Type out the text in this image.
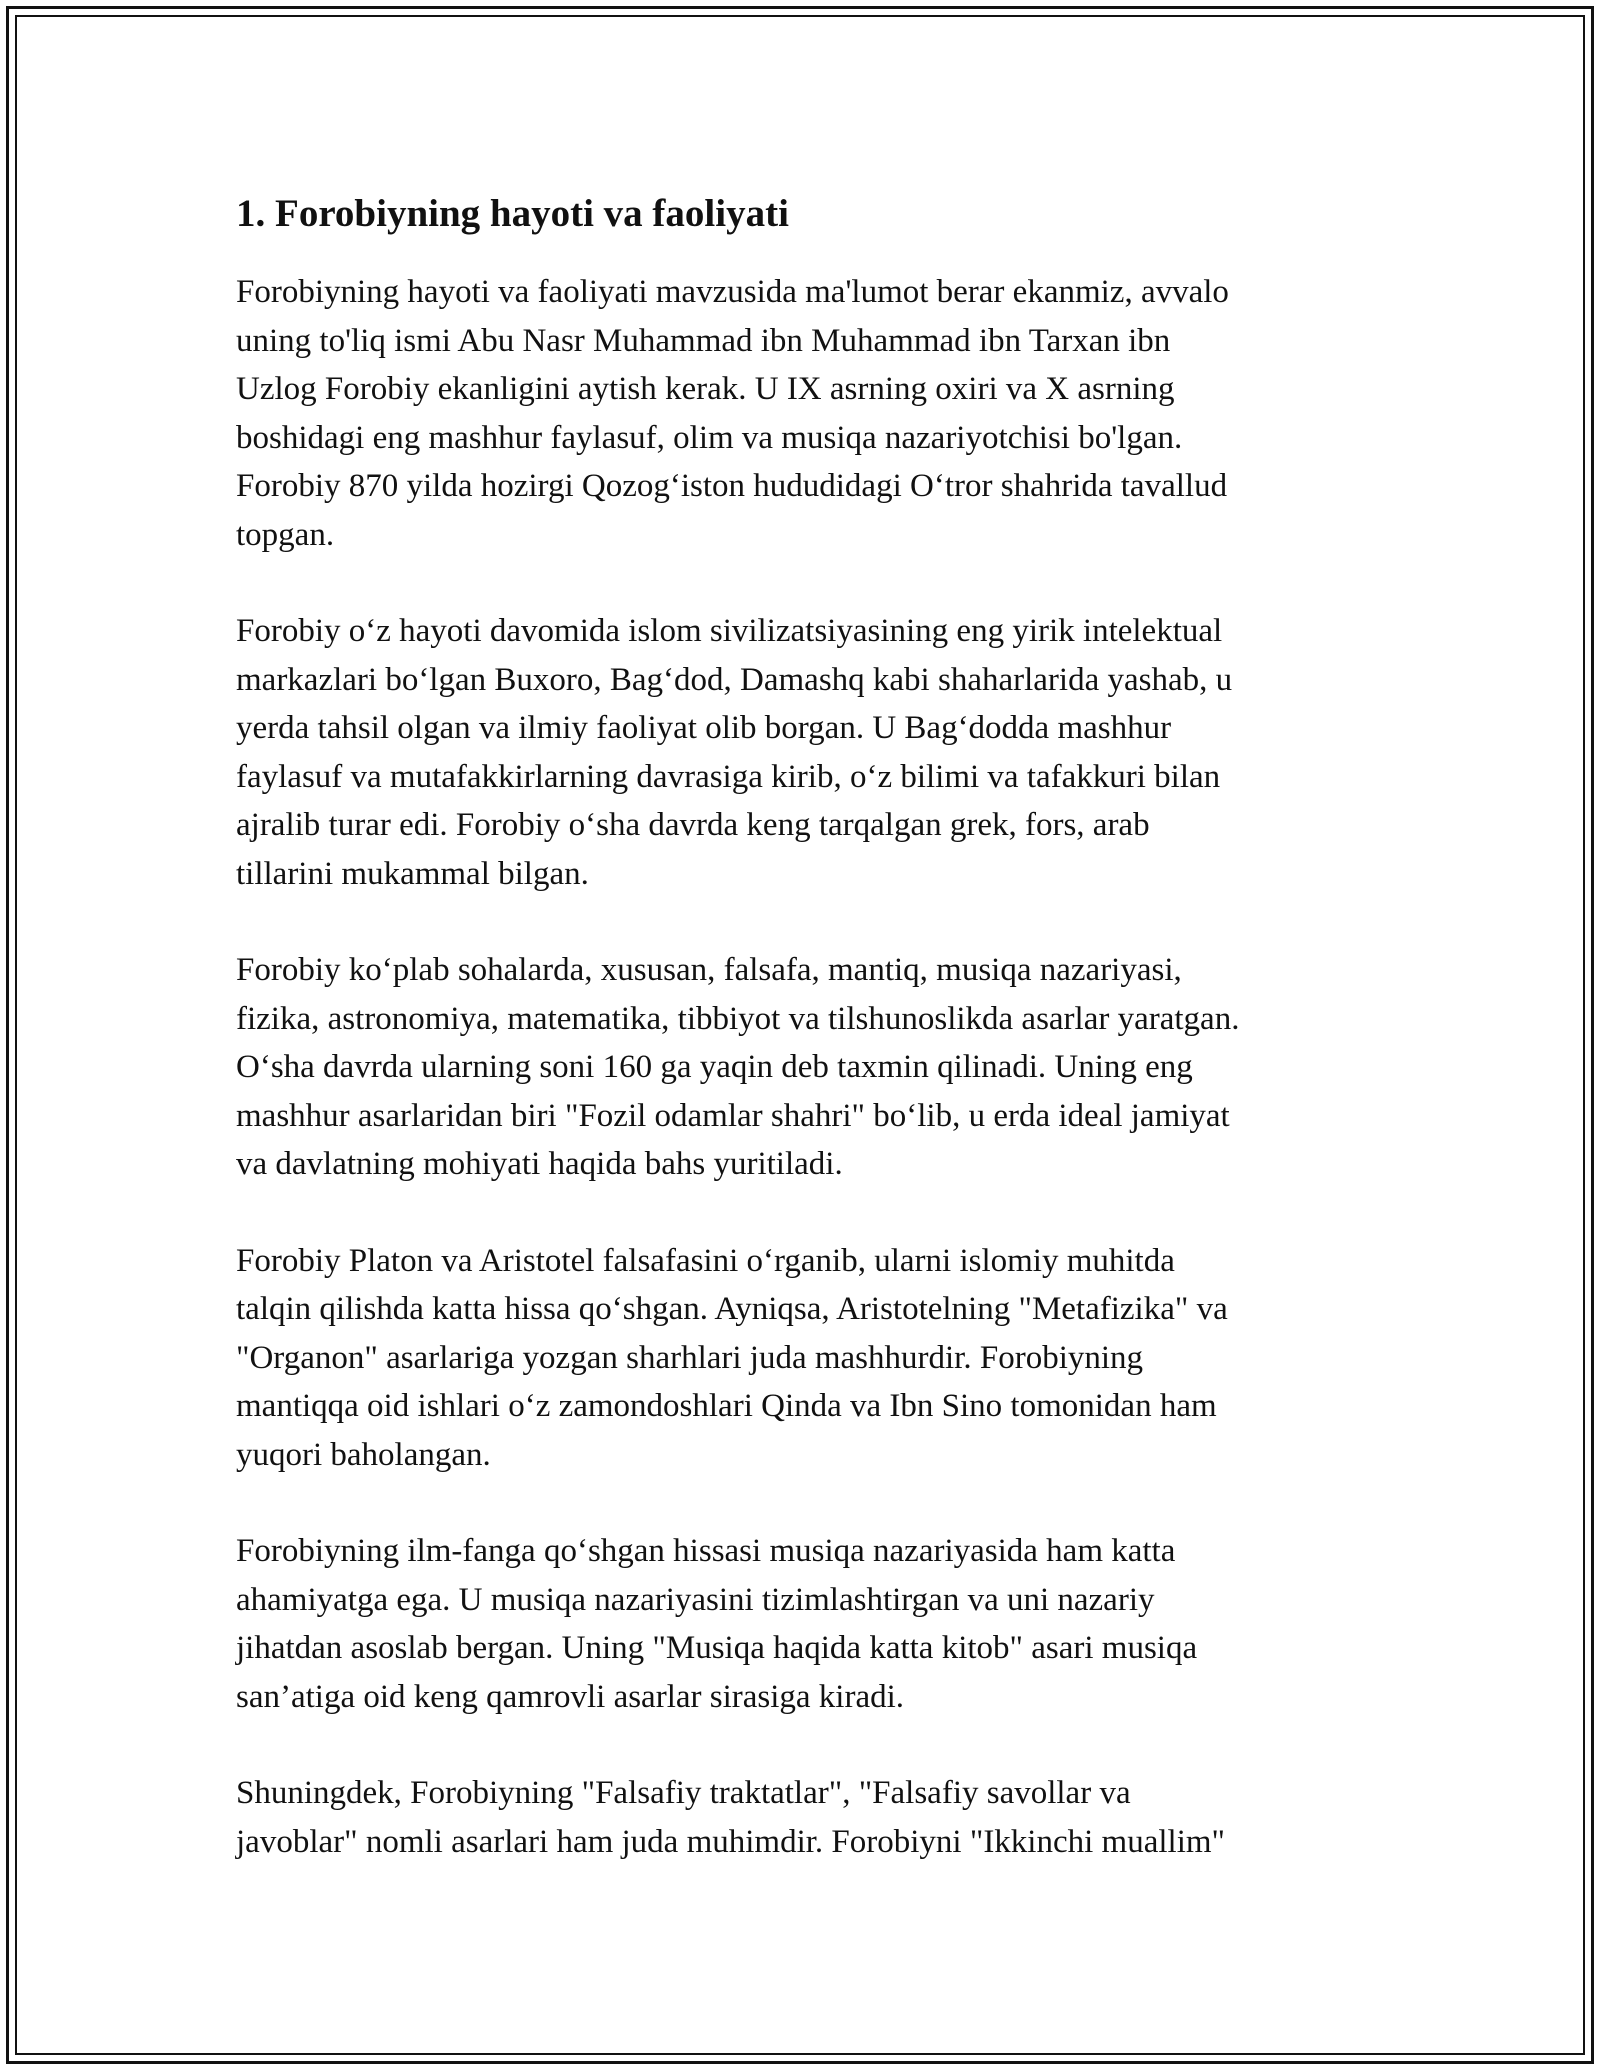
1. Forobiyning hayoti va faoliyati

Forobiyning hayoti va faoliyati mavzusida ma'lumot berar ekanmiz, avvalo
uning to'liq ismi Abu Nasr Muhammad ibn Muhammad ibn Tarxan ibn
Uzlog Forobiy ekanligini aytish kerak. U IX asrning oxiri va X asrning
boshidagi eng mashhur faylasuf, olim va musiqa nazariyotchisi bo'lgan.
Forobiy 870 yilda hozirgi Qozog‘iston hududidagi O‘tror shahrida tavallud
topgan.

Forobiy o‘z hayoti davomida islom sivilizatsiyasining eng yirik intelektual
markazlari bo‘lgan Buxoro, Bag‘dod, Damashq kabi shaharlarida yashab, u
yerda tahsil olgan va ilmiy faoliyat olib borgan. U Bag‘dodda mashhur
faylasuf va mutafakkirlarning davrasiga kirib, o‘z bilimi va tafakkuri bilan
ajralib turar edi. Forobiy o‘sha davrda keng tarqalgan grek, fors, arab
tillarini mukammal bilgan.

Forobiy ko‘plab sohalarda, xususan, falsafa, mantiq, musiqa nazariyasi,
fizika, astronomiya, matematika, tibbiyot va tilshunoslikda asarlar yaratgan.
O‘sha davrda ularning soni 160 ga yaqin deb taxmin qilinadi. Uning eng
mashhur asarlaridan biri "Fozil odamlar shahri" bo‘lib, u erda ideal jamiyat
va davlatning mohiyati haqida bahs yuritiladi.

Forobiy Platon va Aristotel falsafasini o‘rganib, ularni islomiy muhitda
talqin qilishda katta hissa qo‘shgan. Ayniqsa, Aristotelning "Metafizika" va
"Organon" asarlariga yozgan sharhlari juda mashhurdir. Forobiyning
mantiqqa oid ishlari o‘z zamondoshlari Qinda va Ibn Sino tomonidan ham
yuqori baholangan.

Forobiyning ilm-fanga qo‘shgan hissasi musiqa nazariyasida ham katta
ahamiyatga ega. U musiqa nazariyasini tizimlashtirgan va uni nazariy
jihatdan asoslab bergan. Uning "Musiqa haqida katta kitob" asari musiqa
san’atiga oid keng qamrovli asarlar sirasiga kiradi.

Shuningdek, Forobiyning "Falsafiy traktatlar", "Falsafiy savollar va
javoblar" nomli asarlari ham juda muhimdir. Forobiyni "Ikkinchi muallim"
